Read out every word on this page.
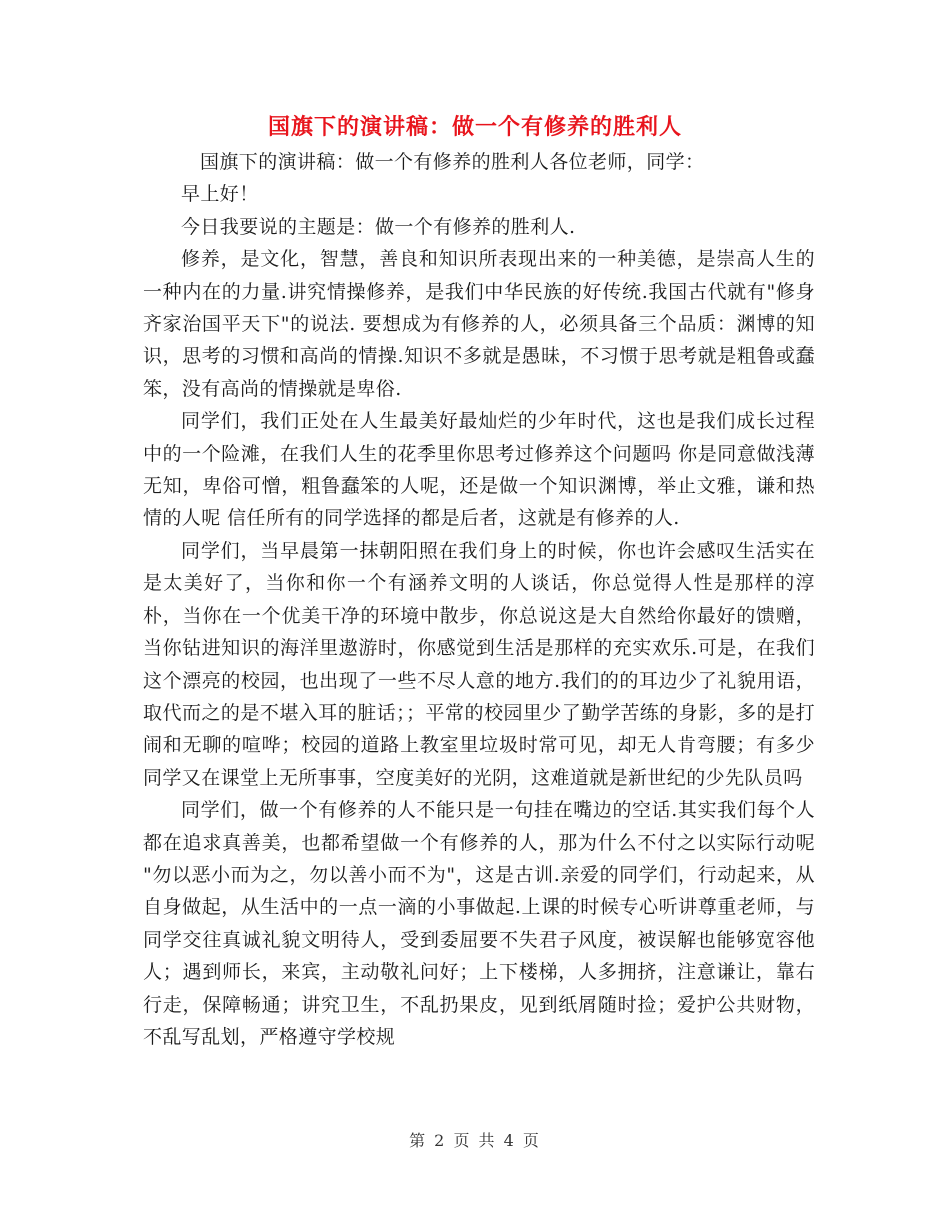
国旗下的演讲稿：做一个有修养的胜利人

国旗下的演讲稿：做一个有修养的胜利人各位老师，同学：

早上好！

今日我要说的主题是：做一个有修养的胜利人.

修养，是文化，智慧，善良和知识所表现出来的一种美德，是崇高人生的一种内在的力量.讲究情操修养，是我们中华民族的好传统.我国古代就有"修身齐家治国平天下"的说法. 要想成为有修养的人，必须具备三个品质：渊博的知识，思考的习惯和高尚的情操.知识不多就是愚昧，不习惯于思考就是粗鲁或蠢笨，没有高尚的情操就是卑俗.

同学们，我们正处在人生最美好最灿烂的少年时代，这也是我们成长过程中的一个险滩，在我们人生的花季里你思考过修养这个问题吗 你是同意做浅薄无知，卑俗可憎，粗鲁蠢笨的人呢，还是做一个知识渊博，举止文雅，谦和热情的人呢 信任所有的同学选择的都是后者，这就是有修养的人.

同学们，当早晨第一抹朝阳照在我们身上的时候，你也许会感叹生活实在是太美好了，当你和你一个有涵养文明的人谈话，你总觉得人性是那样的淳朴，当你在一个优美干净的环境中散步，你总说这是大自然给你最好的馈赠，当你钻进知识的海洋里遨游时，你感觉到生活是那样的充实欢乐.可是，在我们这个漂亮的校园，也出现了一些不尽人意的地方.我们的的耳边少了礼貌用语，取代而之的是不堪入耳的脏话；；平常的校园里少了勤学苦练的身影，多的是打闹和无聊的喧哗；校园的道路上教室里垃圾时常可见，却无人肯弯腰；有多少同学又在课堂上无所事事，空度美好的光阴，这难道就是新世纪的少先队员吗

同学们，做一个有修养的人不能只是一句挂在嘴边的空话.其实我们每个人都在追求真善美，也都希望做一个有修养的人，那为什么不付之以实际行动呢 "勿以恶小而为之，勿以善小而不为"，这是古训.亲爱的同学们，行动起来，从自身做起，从生活中的一点一滴的小事做起.上课的时候专心听讲尊重老师，与同学交往真诚礼貌文明待人，受到委屈要不失君子风度，被误解也能够宽容他人；遇到师长，来宾，主动敬礼问好；上下楼梯，人多拥挤，注意谦让，靠右行走，保障畅通；讲究卫生，不乱扔果皮，见到纸屑随时捡；爱护公共财物，不乱写乱划，严格遵守学校规

第 2 页 共 4 页
